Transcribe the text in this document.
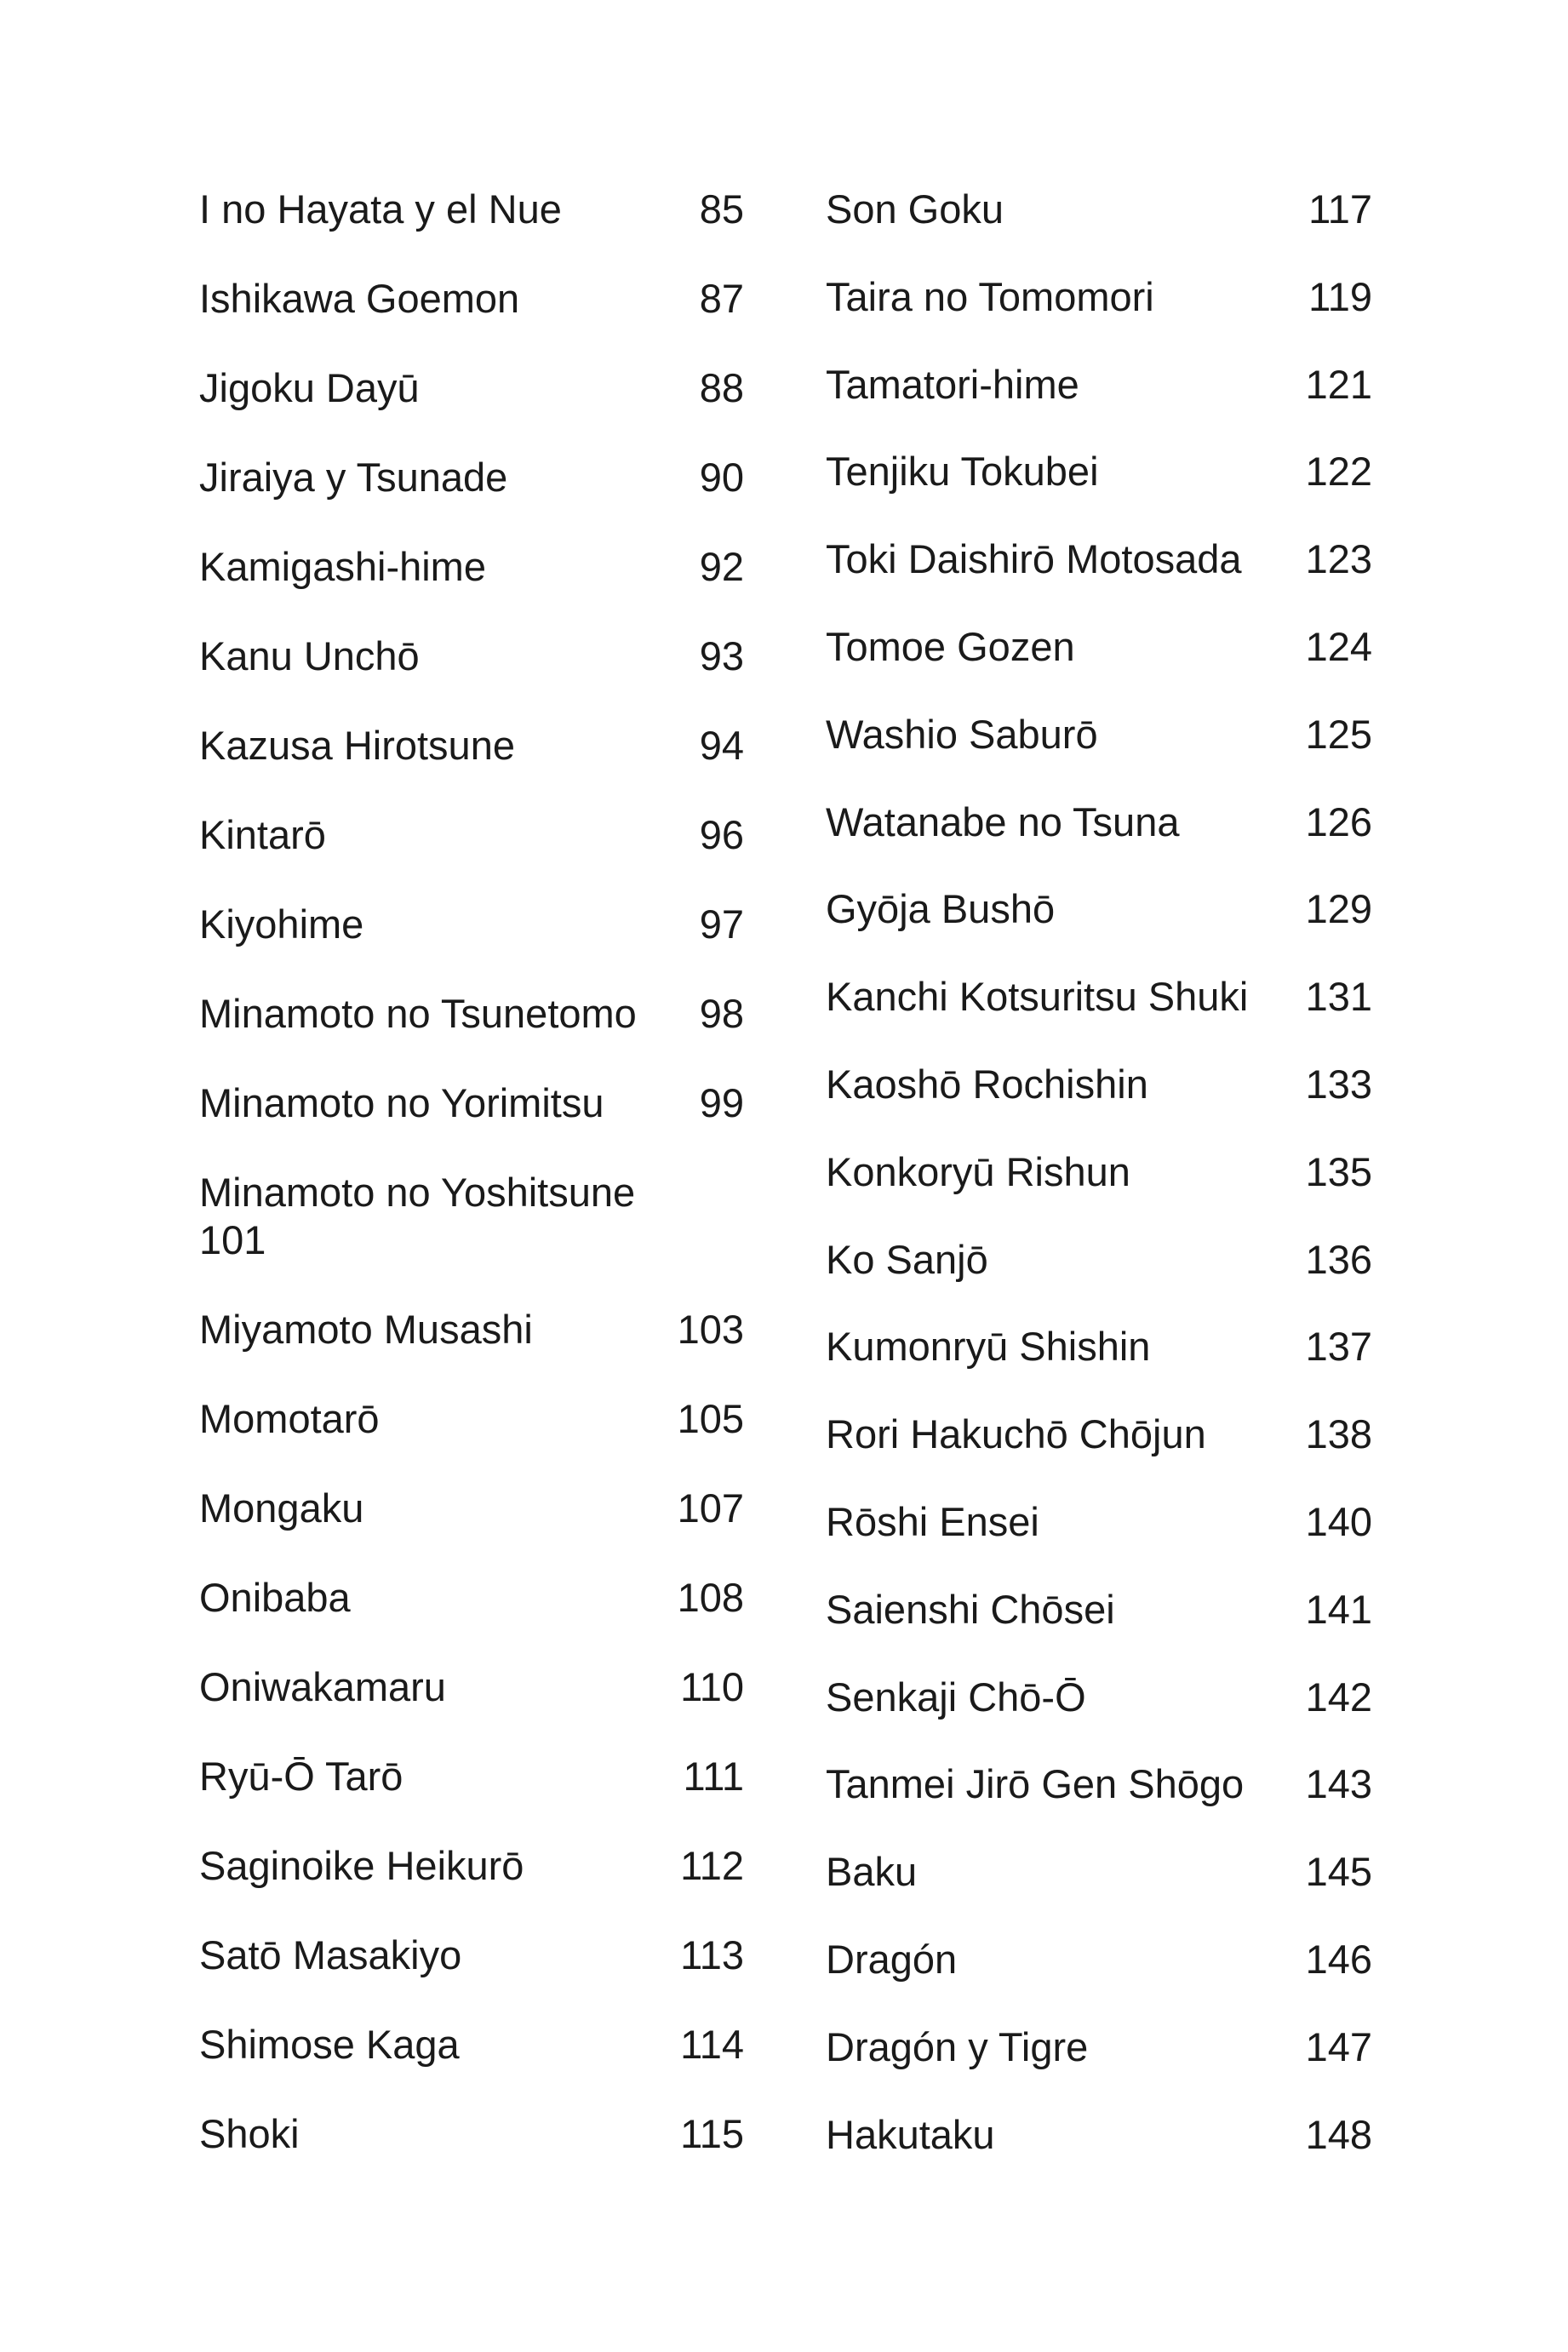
I no Hayata y el Nue	85
Ishikawa Goemon	87
Jigoku Dayū	88
Jiraiya y Tsunade	90
Kamigashi-hime	92
Kanu Unchō	93
Kazusa Hirotsune	94
Kintarō	96
Kiyohime	97
Minamoto no Tsunetomo 98
Minamoto no Yorimitsu 99
Minamoto no Yoshitsune
101
Miyamoto Musashi	103
Momotarō	105
Mongaku	107
Onibaba	108
Oniwakamaru	110
Ryū-Ō Tarō	111
Saginoike Heikurō	112
Satō Masakiyo	113
Shimose Kaga	114
Shoki	115
Son Goku	117
Taira no Tomomori	119
Tamatori-hime	121
Tenjiku Tokubei	122
Toki Daishirō Motosada 123
Tomoe Gozen	124
Washio Saburō	125
Watanabe no Tsuna	126
Gyōja Bushō	129
Kanchi Kotsuritsu Shuki 131
Kaoshō Rochishin	133
Konkoryū Rishun	135
Ko Sanjō	136
Kumonryū Shishin	137
Rori Hakuchō Chōjun 138
Rōshi Ensei	140
Saienshi Chōsei	141
Senkaji Chō-Ō	142
Tanmei Jirō Gen Shōgo 143
Baku	145
Dragón	146
Dragón y Tigre	147
Hakutaku	148
